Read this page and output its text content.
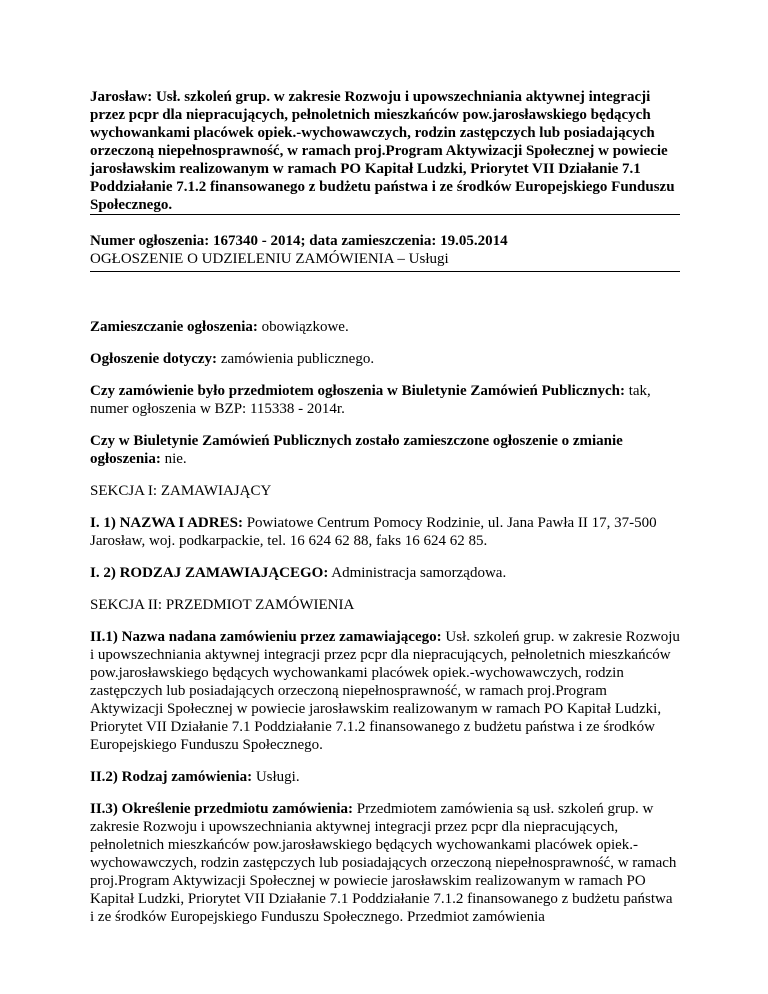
Jarosław: Usł. szkoleń grup. w zakresie Rozwoju i upowszechniania aktywnej integracji przez pcpr dla niepracujących, pełnoletnich mieszkańców pow.jarosławskiego będących wychowankami placówek opiek.-wychowawczych, rodzin zastępczych lub posiadających orzeczoną niepełnosprawność, w ramach proj.Program Aktywizacji Społecznej w powiecie jarosławskim realizowanym w ramach PO Kapitał Ludzki, Priorytet VII Działanie 7.1 Poddziałanie 7.1.2 finansowanego z budżetu państwa i ze środków Europejskiego Funduszu Społecznego.
Numer ogłoszenia: 167340 - 2014; data zamieszczenia: 19.05.2014
OGŁOSZENIE O UDZIELENIU ZAMÓWIENIA – Usługi

Zamieszczanie ogłoszenia: obowiązkowe.

Ogłoszenie dotyczy: zamówienia publicznego.

Czy zamówienie było przedmiotem ogłoszenia w Biuletynie Zamówień Publicznych: tak, numer ogłoszenia w BZP: 115338 - 2014r.

Czy w Biuletynie Zamówień Publicznych zostało zamieszczone ogłoszenie o zmianie ogłoszenia: nie.

SEKCJA I: ZAMAWIAJĄCY

I. 1) NAZWA I ADRES: Powiatowe Centrum Pomocy Rodzinie, ul. Jana Pawła II 17, 37-500 Jarosław, woj. podkarpackie, tel. 16 624 62 88, faks 16 624 62 85.

I. 2) RODZAJ ZAMAWIAJĄCEGO: Administracja samorządowa.

SEKCJA II: PRZEDMIOT ZAMÓWIENIA

II.1) Nazwa nadana zamówieniu przez zamawiającego: Usł. szkoleń grup. w zakresie Rozwoju i upowszechniania aktywnej integracji przez pcpr dla niepracujących, pełnoletnich mieszkańców pow.jarosławskiego będących wychowankami placówek opiek.-wychowawczych, rodzin zastępczych lub posiadających orzeczoną niepełnosprawność, w ramach proj.Program Aktywizacji Społecznej w powiecie jarosławskim realizowanym w ramach PO Kapitał Ludzki, Priorytet VII Działanie 7.1 Poddziałanie 7.1.2 finansowanego z budżetu państwa i ze środków Europejskiego Funduszu Społecznego.

II.2) Rodzaj zamówienia: Usługi.

II.3) Określenie przedmiotu zamówienia: Przedmiotem zamówienia są usł. szkoleń grup. w zakresie Rozwoju i upowszechniania aktywnej integracji przez pcpr dla niepracujących, pełnoletnich mieszkańców pow.jarosławskiego będących wychowankami placówek opiek.-wychowawczych, rodzin zastępczych lub posiadających orzeczoną niepełnosprawność, w ramach proj.Program Aktywizacji Społecznej w powiecie jarosławskim realizowanym w ramach PO Kapitał Ludzki, Priorytet VII Działanie 7.1 Poddziałanie 7.1.2 finansowanego z budżetu państwa i ze środków Europejskiego Funduszu Społecznego. Przedmiot zamówienia
